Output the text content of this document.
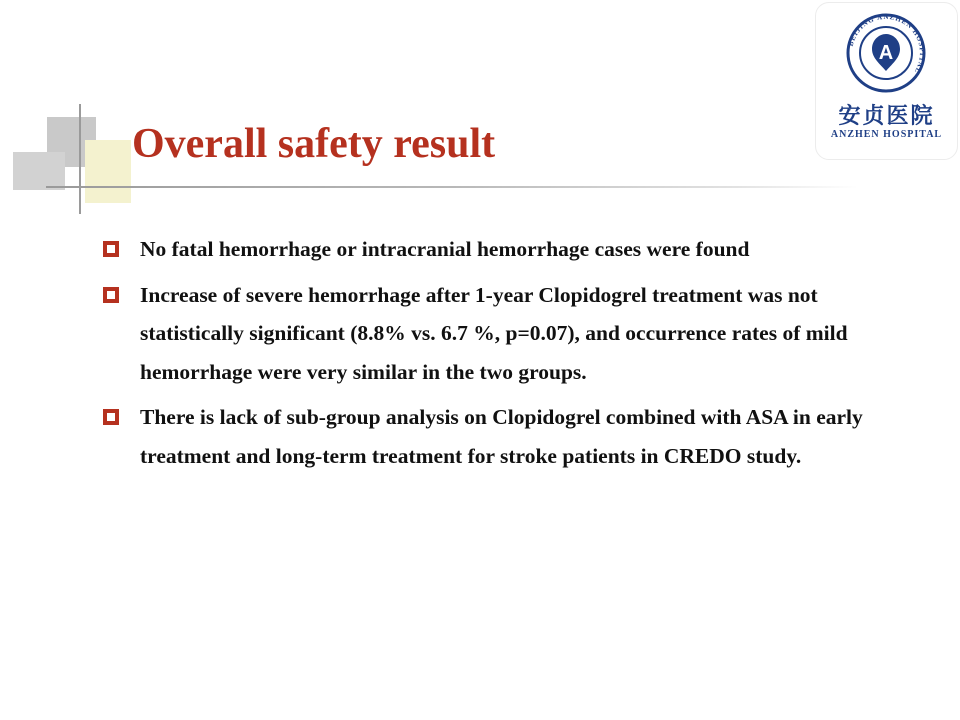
Overall safety result
BEIJING ANZHEN HOSPITAL
A
安贞医院
ANZHEN HOSPITAL
No fatal hemorrhage or intracranial hemorrhage cases were found
Increase of severe hemorrhage after 1-year Clopidogrel treatment was not statistically significant (8.8% vs. 6.7 %, p=0.07), and occurrence rates of mild hemorrhage were very similar in the two groups.
There is lack of sub-group analysis on Clopidogrel combined with ASA in early treatment and long-term treatment for stroke patients in CREDO study.
